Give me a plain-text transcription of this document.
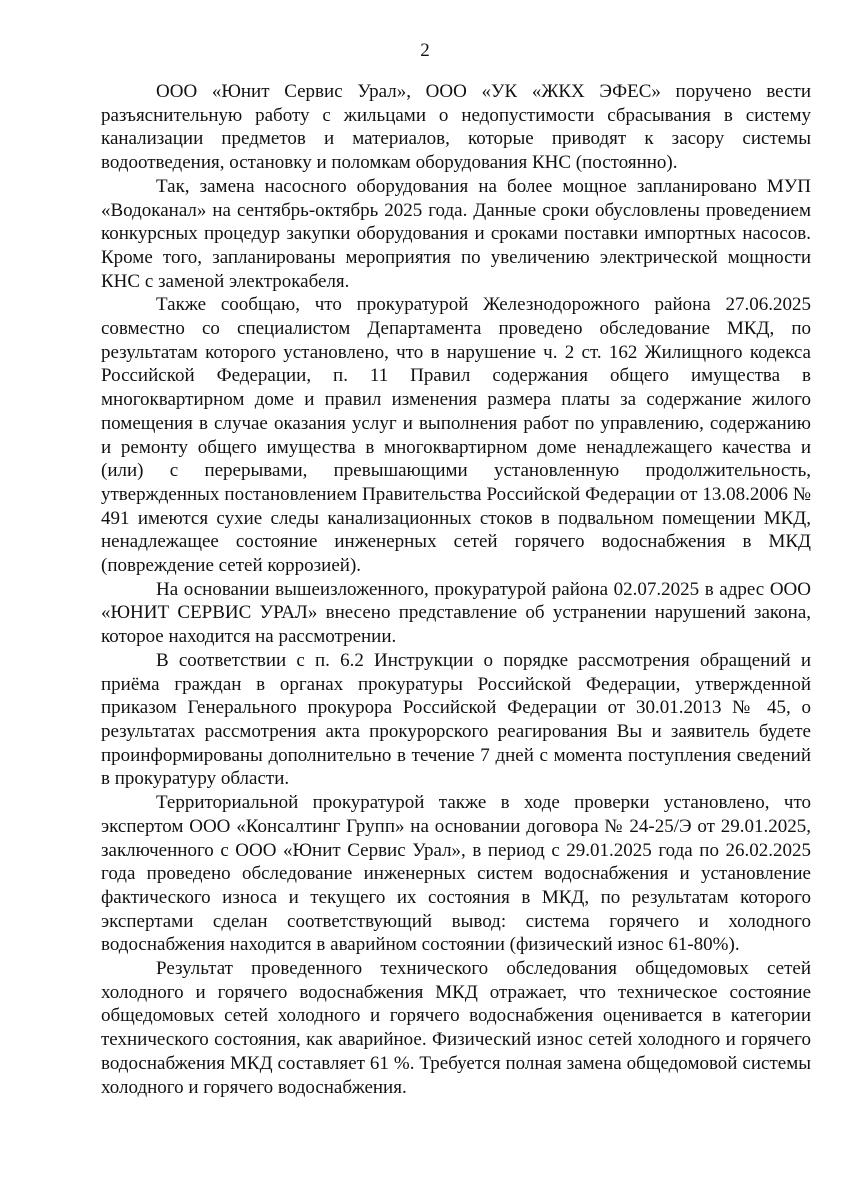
2

ООО «Юнит Сервис Урал», ООО «УК «ЖКХ ЭФЕС» поручено вести разъяснительную работу с жильцами о недопустимости сбрасывания в систему канализации предметов и материалов, которые приводят к засору системы водоотведения, остановку и поломкам оборудования КНС (постоянно).

Так, замена насосного оборудования на более мощное запланировано МУП «Водоканал» на сентябрь-октябрь 2025 года. Данные сроки обусловлены проведением конкурсных процедур закупки оборудования и сроками поставки импортных насосов. Кроме того, запланированы мероприятия по увеличению электрической мощности КНС с заменой электрокабеля.

Также сообщаю, что прокуратурой Железнодорожного района 27.06.2025 совместно со специалистом Департамента проведено обследование МКД, по результатам которого установлено, что в нарушение ч. 2 ст. 162 Жилищного кодекса Российской Федерации, п. 11 Правил содержания общего имущества в многоквартирном доме и правил изменения размера платы за содержание жилого помещения в случае оказания услуг и выполнения работ по управлению, содержанию и ремонту общего имущества в многоквартирном доме ненадлежащего качества и (или) с перерывами, превышающими установленную продолжительность, утвержденных постановлением Правительства Российской Федерации от 13.08.2006 № 491 имеются сухие следы канализационных стоков в подвальном помещении МКД, ненадлежащее состояние инженерных сетей горячего водоснабжения в МКД (повреждение сетей коррозией).

На основании вышеизложенного, прокуратурой района 02.07.2025 в адрес ООО «ЮНИТ СЕРВИС УРАЛ» внесено представление об устранении нарушений закона, которое находится на рассмотрении.

В соответствии с п. 6.2 Инструкции о порядке рассмотрения обращений и приёма граждан в органах прокуратуры Российской Федерации, утвержденной приказом Генерального прокурора Российской Федерации от 30.01.2013 № 45, о результатах рассмотрения акта прокурорского реагирования Вы и заявитель будете проинформированы дополнительно в течение 7 дней с момента поступления сведений в прокуратуру области.

Территориальной прокуратурой также в ходе проверки установлено, что экспертом ООО «Консалтинг Групп» на основании договора № 24-25/Э от 29.01.2025, заключенного с ООО «Юнит Сервис Урал», в период с 29.01.2025 года по 26.02.2025 года проведено обследование инженерных систем водоснабжения и установление фактического износа и текущего их состояния в МКД, по результатам которого экспертами сделан соответствующий вывод: система горячего и холодного водоснабжения находится в аварийном состоянии (физический износ 61-80%).

Результат проведенного технического обследования общедомовых сетей холодного и горячего водоснабжения МКД отражает, что техническое состояние общедомовых сетей холодного и горячего водоснабжения оценивается в категории технического состояния, как аварийное. Физический износ сетей холодного и горячего водоснабжения МКД составляет 61 %. Требуется полная замена общедомовой системы холодного и горячего водоснабжения.
